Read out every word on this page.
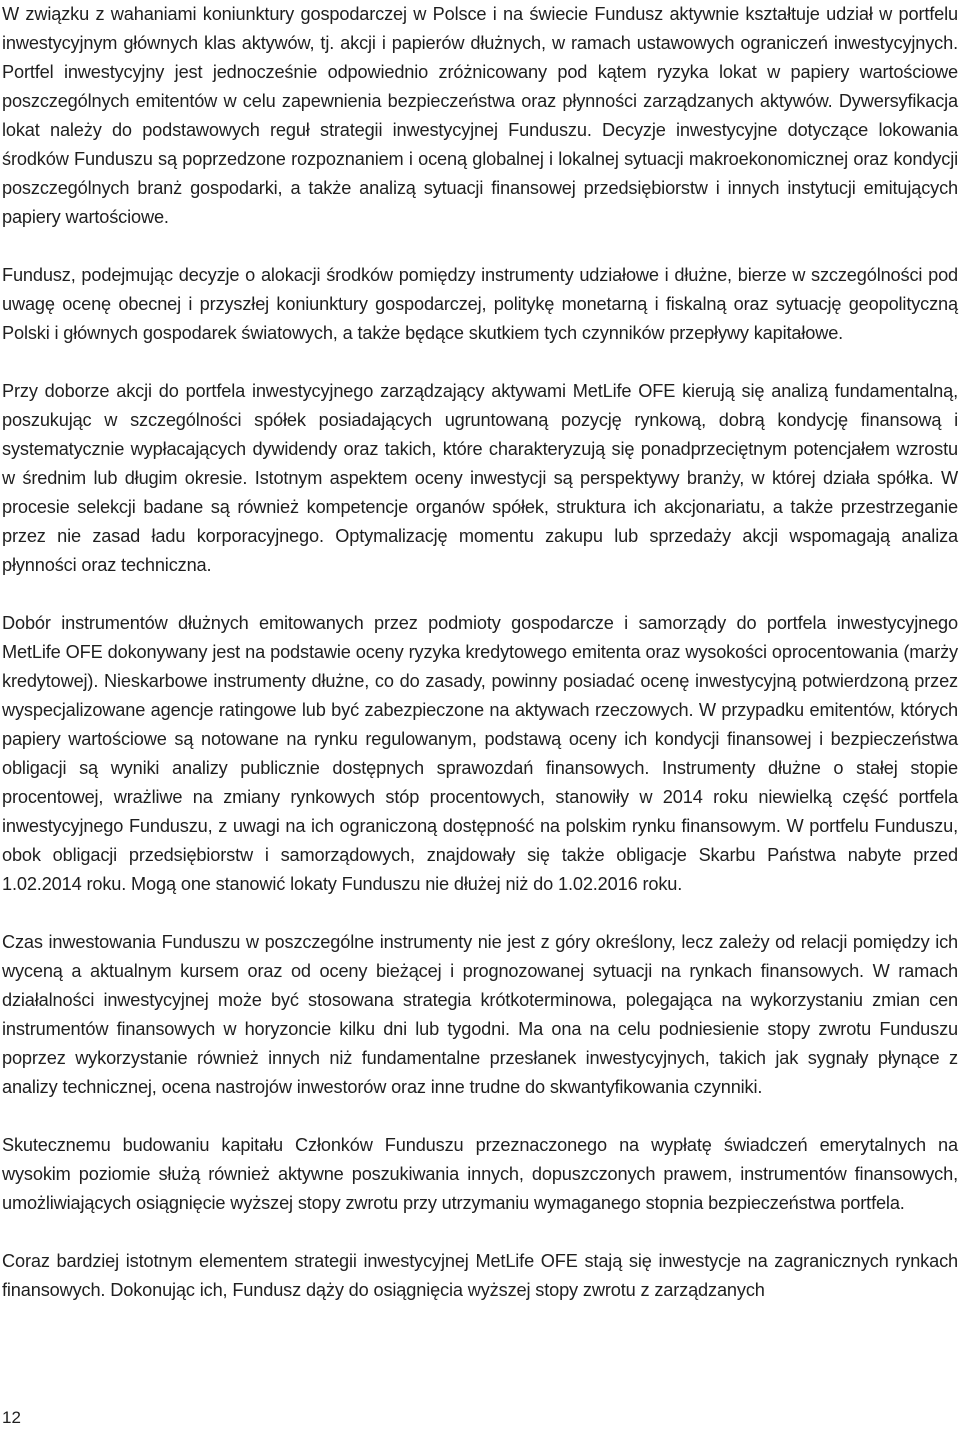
W związku z wahaniami koniunktury gospodarczej w Polsce i na świecie Fundusz aktywnie kształtuje udział w portfelu inwestycyjnym głównych klas aktywów, tj. akcji i papierów dłużnych, w ramach ustawowych ograniczeń inwestycyjnych. Portfel inwestycyjny jest jednocześnie odpowiednio zróżnicowany pod kątem ryzyka lokat w papiery wartościowe poszczególnych emitentów w celu zapewnienia bezpieczeństwa oraz płynności zarządzanych aktywów. Dywersyfikacja lokat należy do podstawowych reguł strategii inwestycyjnej Funduszu. Decyzje inwestycyjne dotyczące lokowania środków Funduszu są poprzedzone rozpoznaniem i oceną globalnej i lokalnej sytuacji makroekonomicznej oraz kondycji poszczególnych branż gospodarki, a także analizą sytuacji finansowej przedsiębiorstw i innych instytucji emitujących papiery wartościowe.

Fundusz, podejmując decyzje o alokacji środków pomiędzy instrumenty udziałowe i dłużne, bierze w szczególności pod uwagę ocenę obecnej i przyszłej koniunktury gospodarczej, politykę monetarną i fiskalną oraz sytuację geopolityczną Polski i głównych gospodarek światowych, a także będące skutkiem tych czynników przepływy kapitałowe.

Przy doborze akcji do portfela inwestycyjnego zarządzający aktywami MetLife OFE kierują się analizą fundamentalną, poszukując w szczególności spółek posiadających ugruntowaną pozycję rynkową, dobrą kondycję finansową i systematycznie wypłacających dywidendy oraz takich, które charakteryzują się ponadprzeciętnym potencjałem wzrostu w średnim lub długim okresie. Istotnym aspektem oceny inwestycji są perspektywy branży, w której działa spółka. W procesie selekcji badane są również kompetencje organów spółek, struktura ich akcjonariatu, a także przestrzeganie przez nie zasad ładu korporacyjnego. Optymalizację momentu zakupu lub sprzedaży akcji wspomagają analiza płynności oraz techniczna.

Dobór instrumentów dłużnych emitowanych przez podmioty gospodarcze i samorządy do portfela inwestycyjnego MetLife OFE dokonywany jest na podstawie oceny ryzyka kredytowego emitenta oraz wysokości oprocentowania (marży kredytowej). Nieskarbowe instrumenty dłużne, co do zasady, powinny posiadać ocenę inwestycyjną potwierdzoną przez wyspecjalizowane agencje ratingowe lub być zabezpieczone na aktywach rzeczowych. W przypadku emitentów, których papiery wartościowe są notowane na rynku regulowanym, podstawą oceny ich kondycji finansowej i bezpieczeństwa obligacji są wyniki analizy publicznie dostępnych sprawozdań finansowych. Instrumenty dłużne o stałej stopie procentowej, wrażliwe na zmiany rynkowych stóp procentowych, stanowiły w 2014 roku niewielką część portfela inwestycyjnego Funduszu, z uwagi na ich ograniczoną dostępność na polskim rynku finansowym. W portfelu Funduszu, obok obligacji przedsiębiorstw i samorządowych, znajdowały się także obligacje Skarbu Państwa nabyte przed 1.02.2014 roku. Mogą one stanowić lokaty Funduszu nie dłużej niż do 1.02.2016 roku.

Czas inwestowania Funduszu w poszczególne instrumenty nie jest z góry określony, lecz zależy od relacji pomiędzy ich wyceną a aktualnym kursem oraz od oceny bieżącej i prognozowanej sytuacji na rynkach finansowych. W ramach działalności inwestycyjnej może być stosowana strategia krótkoterminowa, polegająca na wykorzystaniu zmian cen instrumentów finansowych w horyzoncie kilku dni lub tygodni. Ma ona na celu podniesienie stopy zwrotu Funduszu poprzez wykorzystanie również innych niż fundamentalne przesłanek inwestycyjnych, takich jak sygnały płynące z analizy technicznej, ocena nastrojów inwestorów oraz inne trudne do skwantyfikowania czynniki.

Skutecznemu budowaniu kapitału Członków Funduszu przeznaczonego na wypłatę świadczeń emerytalnych na wysokim poziomie służą również aktywne poszukiwania innych, dopuszczonych prawem, instrumentów finansowych, umożliwiających osiągnięcie wyższej stopy zwrotu przy utrzymaniu wymaganego stopnia bezpieczeństwa portfela.

Coraz bardziej istotnym elementem strategii inwestycyjnej MetLife OFE stają się inwestycje na zagranicznych rynkach finansowych. Dokonując ich, Fundusz dąży do osiągnięcia wyższej stopy zwrotu z zarządzanych

12
